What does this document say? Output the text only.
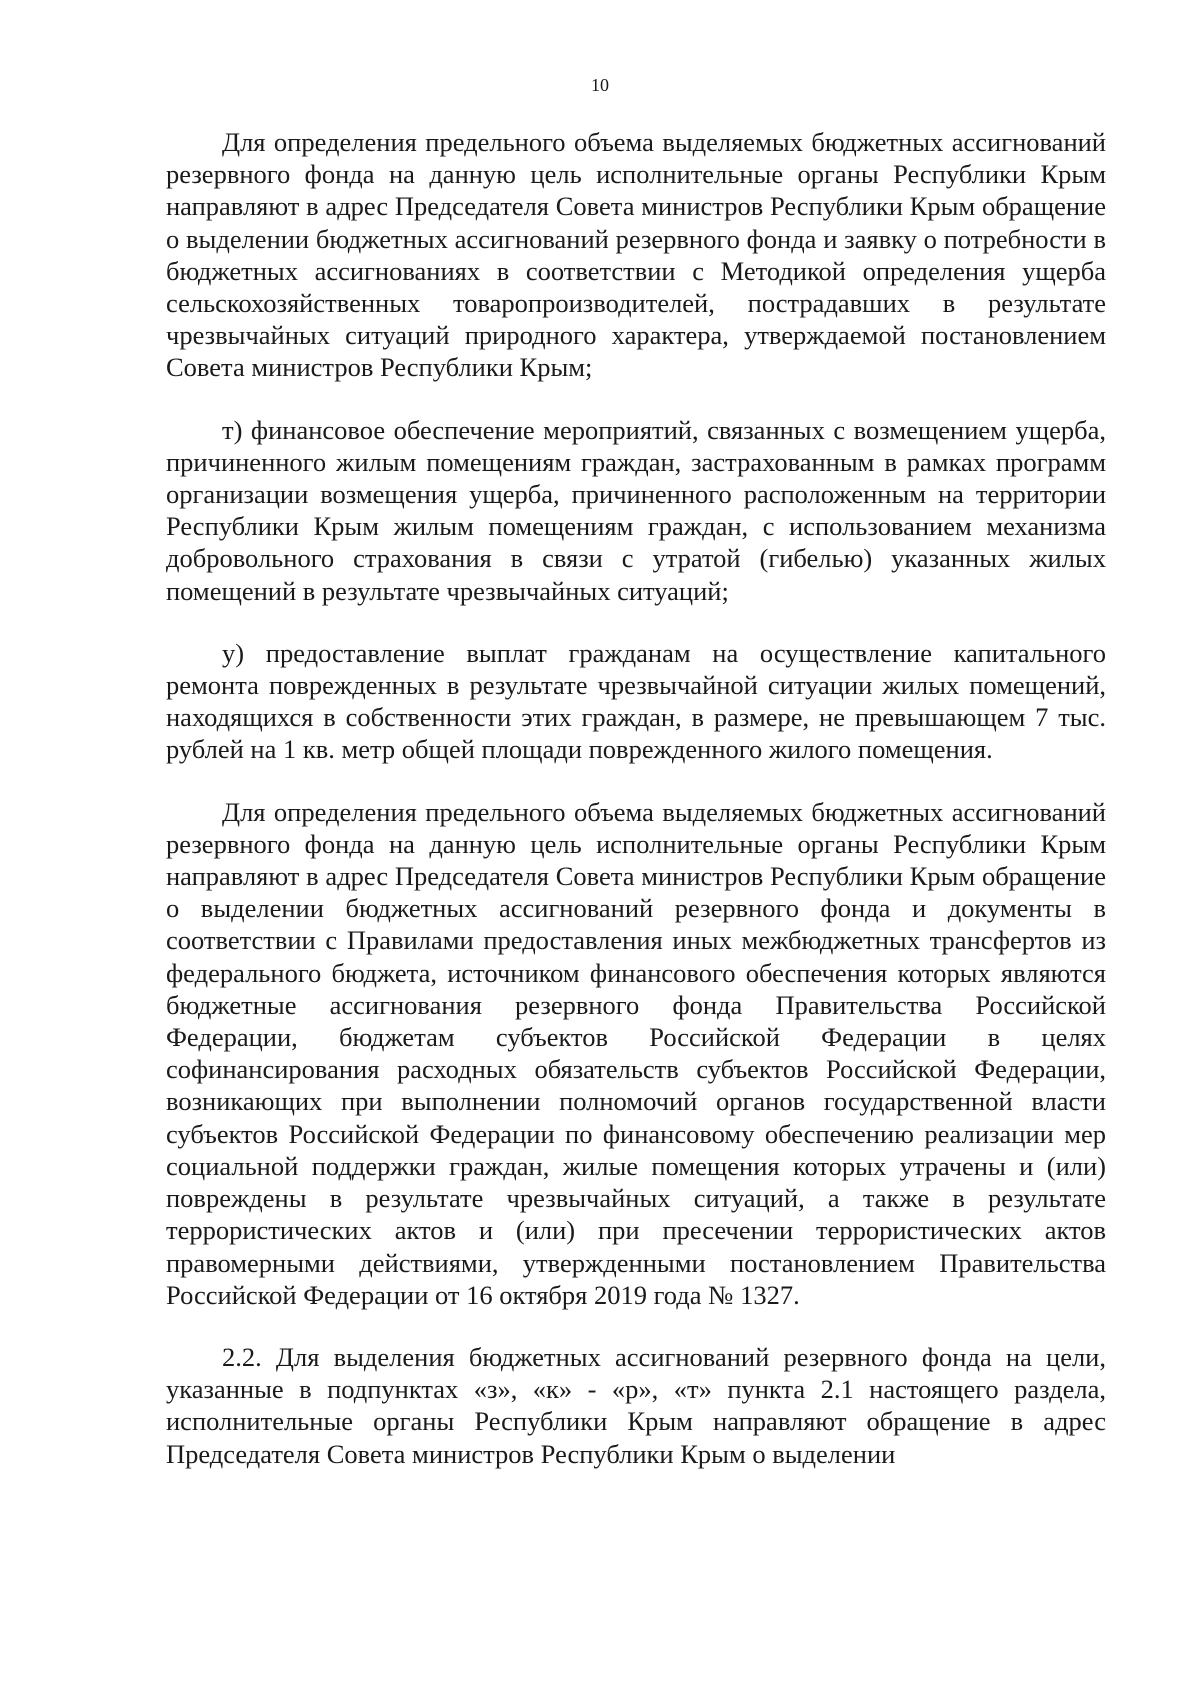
10

Для определения предельного объема выделяемых бюджетных ассигнований резервного фонда на данную цель исполнительные органы Республики Крым направляют в адрес Председателя Совета министров Республики Крым обращение о выделении бюджетных ассигнований резервного фонда и заявку о потребности в бюджетных ассигнованиях в соответствии с Методикой определения ущерба сельскохозяйственных товаропроизводителей, пострадавших в результате чрезвычайных ситуаций природного характера, утверждаемой постановлением Совета министров Республики Крым;

т) финансовое обеспечение мероприятий, связанных с возмещением ущерба, причиненного жилым помещениям граждан, застрахованным в рамках программ организации возмещения ущерба, причиненного расположенным на территории Республики Крым жилым помещениям граждан, с использованием механизма добровольного страхования в связи с утратой (гибелью) указанных жилых помещений в результате чрезвычайных ситуаций;

у) предоставление выплат гражданам на осуществление капитального ремонта поврежденных в результате чрезвычайной ситуации жилых помещений, находящихся в собственности этих граждан, в размере, не превышающем 7 тыс. рублей на 1 кв. метр общей площади поврежденного жилого помещения.

Для определения предельного объема выделяемых бюджетных ассигнований резервного фонда на данную цель исполнительные органы Республики Крым направляют в адрес Председателя Совета министров Республики Крым обращение о выделении бюджетных ассигнований резервного фонда и документы в соответствии с Правилами предоставления иных межбюджетных трансфертов из федерального бюджета, источником финансового обеспечения которых являются бюджетные ассигнования резервного фонда Правительства Российской Федерации, бюджетам субъектов Российской Федерации в целях софинансирования расходных обязательств субъектов Российской Федерации, возникающих при выполнении полномочий органов государственной власти субъектов Российской Федерации по финансовому обеспечению реализации мер социальной поддержки граждан, жилые помещения которых утрачены и (или) повреждены в результате чрезвычайных ситуаций, а также в результате террористических актов и (или) при пресечении террористических актов правомерными действиями, утвержденными постановлением Правительства Российской Федерации от 16 октября 2019 года № 1327.

2.2. Для выделения бюджетных ассигнований резервного фонда на цели, указанные в подпунктах «з», «к» - «р», «т» пункта 2.1 настоящего раздела, исполнительные органы Республики Крым направляют обращение в адрес Председателя Совета министров Республики Крым о выделении
